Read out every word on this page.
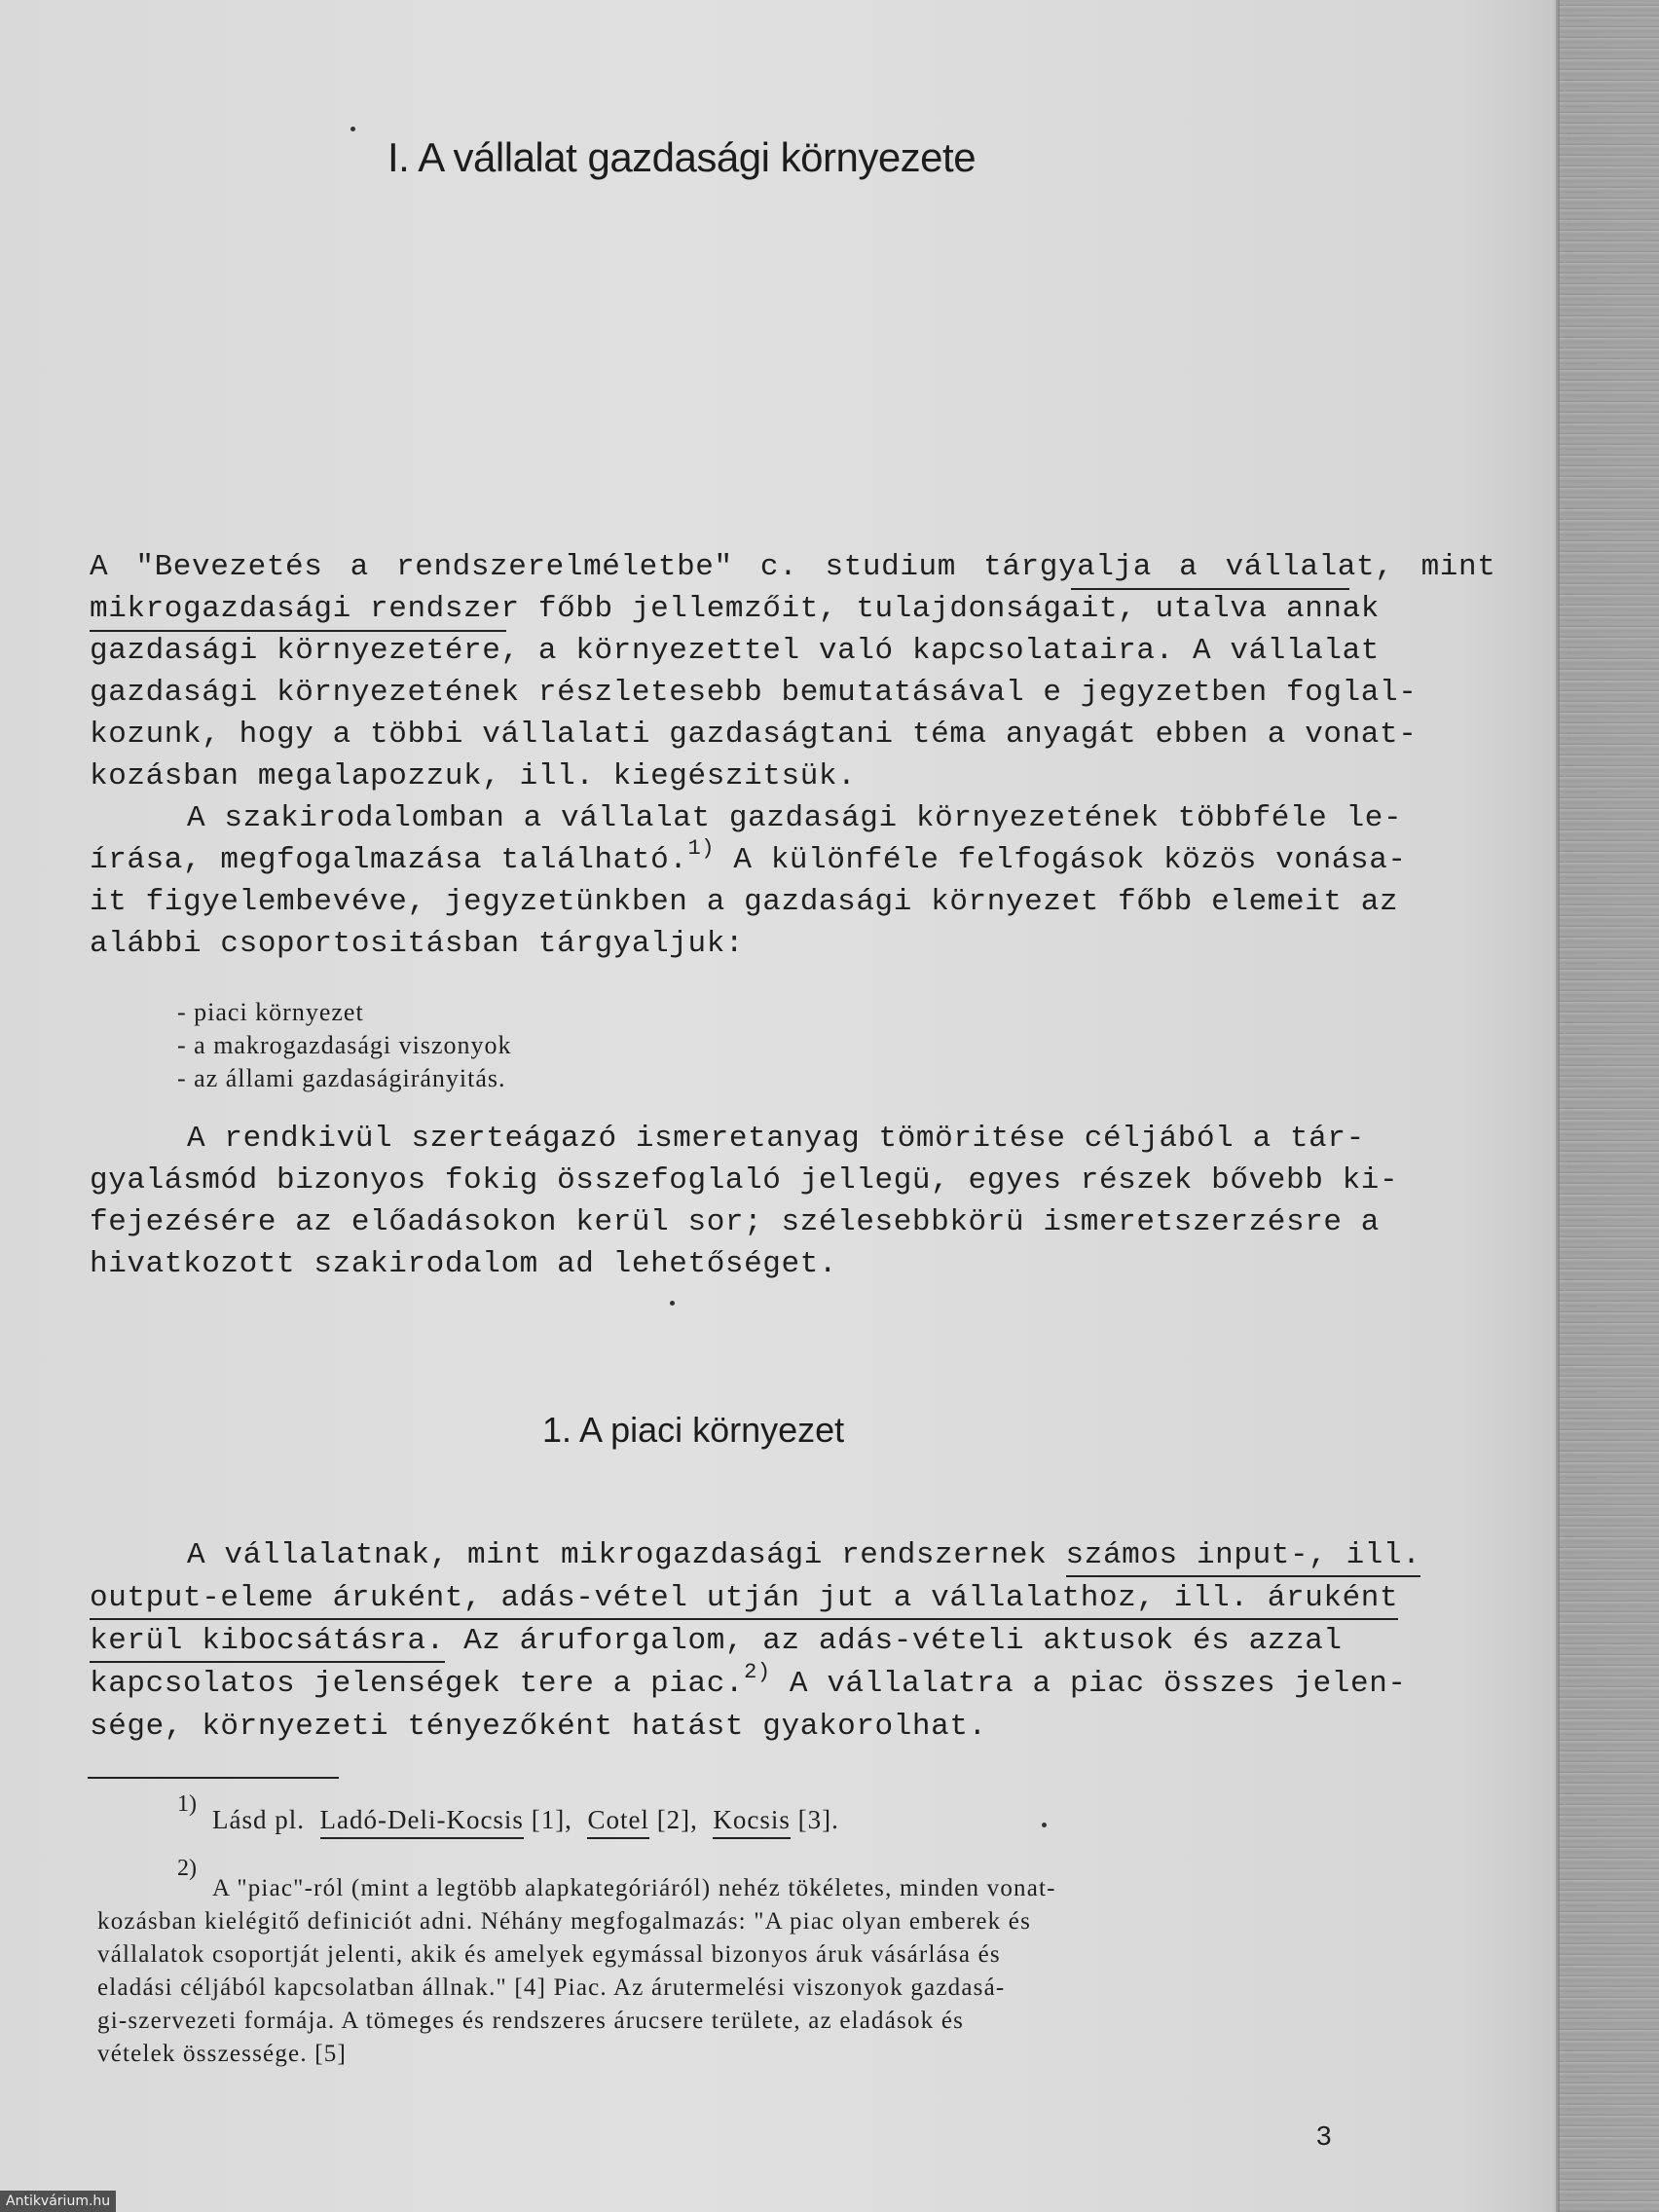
I. A vállalat gazdasági környezete

A "Bevezetés a rendszerelméletbe" c. studium tárgyalja a vállalat, mint

mikrogazdasági rendszer főbb jellemzőit, tulajdonságait, utalva annak

gazdasági környezetére, a környezettel való kapcsolataira. A vállalat

gazdasági környezetének részletesebb bemutatásával e jegyzetben foglal-

kozunk, hogy a többi vállalati gazdaságtani téma anyagát ebben a vonat-

kozásban megalapozzuk, ill. kiegészitsük.

A szakirodalomban a vállalat gazdasági környezetének többféle le-

írása, megfogalmazása található.$^{1)}$ A különféle felfogások közös vonása-

it figyelembevéve, jegyzetünkben a gazdasági környezet főbb elemeit az

alábbi csoportositásban tárgyaljuk:

- piaci környezet
- a makrogazdasági viszonyok
- az állami gazdaságirányitás.

A rendkivül szerteágazó ismeretanyag tömöritése céljából a tár-

gyalásmód bizonyos fokig összefoglaló jellegü, egyes részek bővebb ki-

fejezésére az előadásokon kerül sor; szélesebbkörü ismeretszerzésre a

hivatkozott szakirodalom ad lehetőséget.

1. A piaci környezet

A vállalatnak, mint mikrogazdasági rendszernek számos input-, ill.

output-eleme áruként, adás-vétel utján jut a vállalathoz, ill. áruként

kerül kibocsátásra. Az áruforgalom, az adás-vételi aktusok és azzal

kapcsolatos jelenségek tere a piac.$^{2)}$ A vállalatra a piac összes jelen-

sége, környezeti tényezőként hatást gyakorolhat.

1)

Lásd pl. Ladó-Deli-Kocsis [1], Cotel [2], Kocsis [3].

2)

A "piac"-ról (mint a legtöbb alapkategóriáról) nehéz tökéletes, minden vonat-

kozásban kielégitő definiciót adni. Néhány megfogalmazás: "A piac olyan emberek és

vállalatok csoportját jelenti, akik és amelyek egymással bizonyos áruk vásárlása és

eladási céljából kapcsolatban állnak." [4] Piac. Az árutermelési viszonyok gazdasá-

gi-szervezeti formája. A tömeges és rendszeres árucsere területe, az eladások és

vételek összessége. [5]

3
Antikvárium.hu
